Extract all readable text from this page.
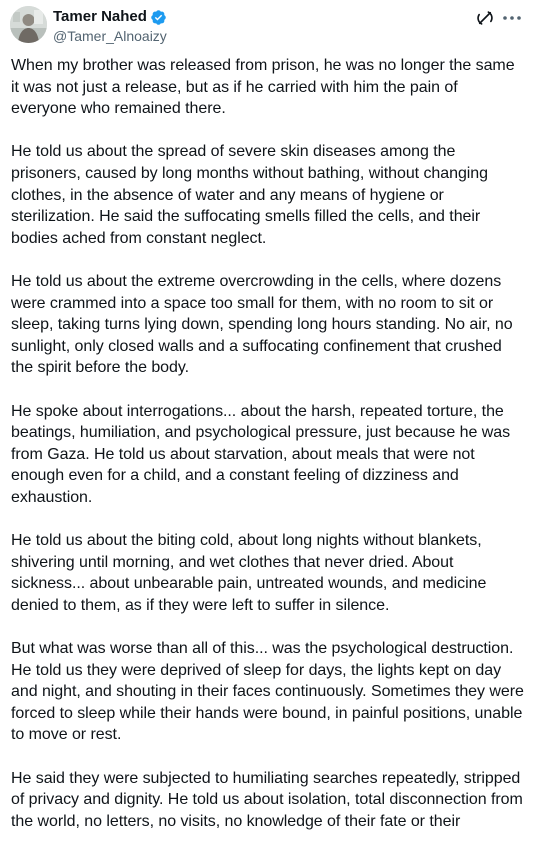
Tamer Nahed
@Tamer_Alnoaizy

When my brother was released from prison, he was no longer the same it was not just a release, but as if he carried with him the pain of everyone who remained there.

He told us about the spread of severe skin diseases among the prisoners, caused by long months without bathing, without changing clothes, in the absence of water and any means of hygiene or sterilization. He said the suffocating smells filled the cells, and their bodies ached from constant neglect.

He told us about the extreme overcrowding in the cells, where dozens were crammed into a space too small for them, with no room to sit or sleep, taking turns lying down, spending long hours standing. No air, no sunlight, only closed walls and a suffocating confinement that crushed the spirit before the body.

He spoke about interrogations... about the harsh, repeated torture, the beatings, humiliation, and psychological pressure, just because he was from Gaza. He told us about starvation, about meals that were not enough even for a child, and a constant feeling of dizziness and exhaustion.

He told us about the biting cold, about long nights without blankets, shivering until morning, and wet clothes that never dried. About sickness... about unbearable pain, untreated wounds, and medicine denied to them, as if they were left to suffer in silence.

But what was worse than all of this... was the psychological destruction. He told us they were deprived of sleep for days, the lights kept on day and night, and shouting in their faces continuously. Sometimes they were forced to sleep while their hands were bound, in painful positions, unable to move or rest.

He said they were subjected to humiliating searches repeatedly, stripped of privacy and dignity. He told us about isolation, total disconnection from the world, no letters, no visits, no knowledge of their fate or their
